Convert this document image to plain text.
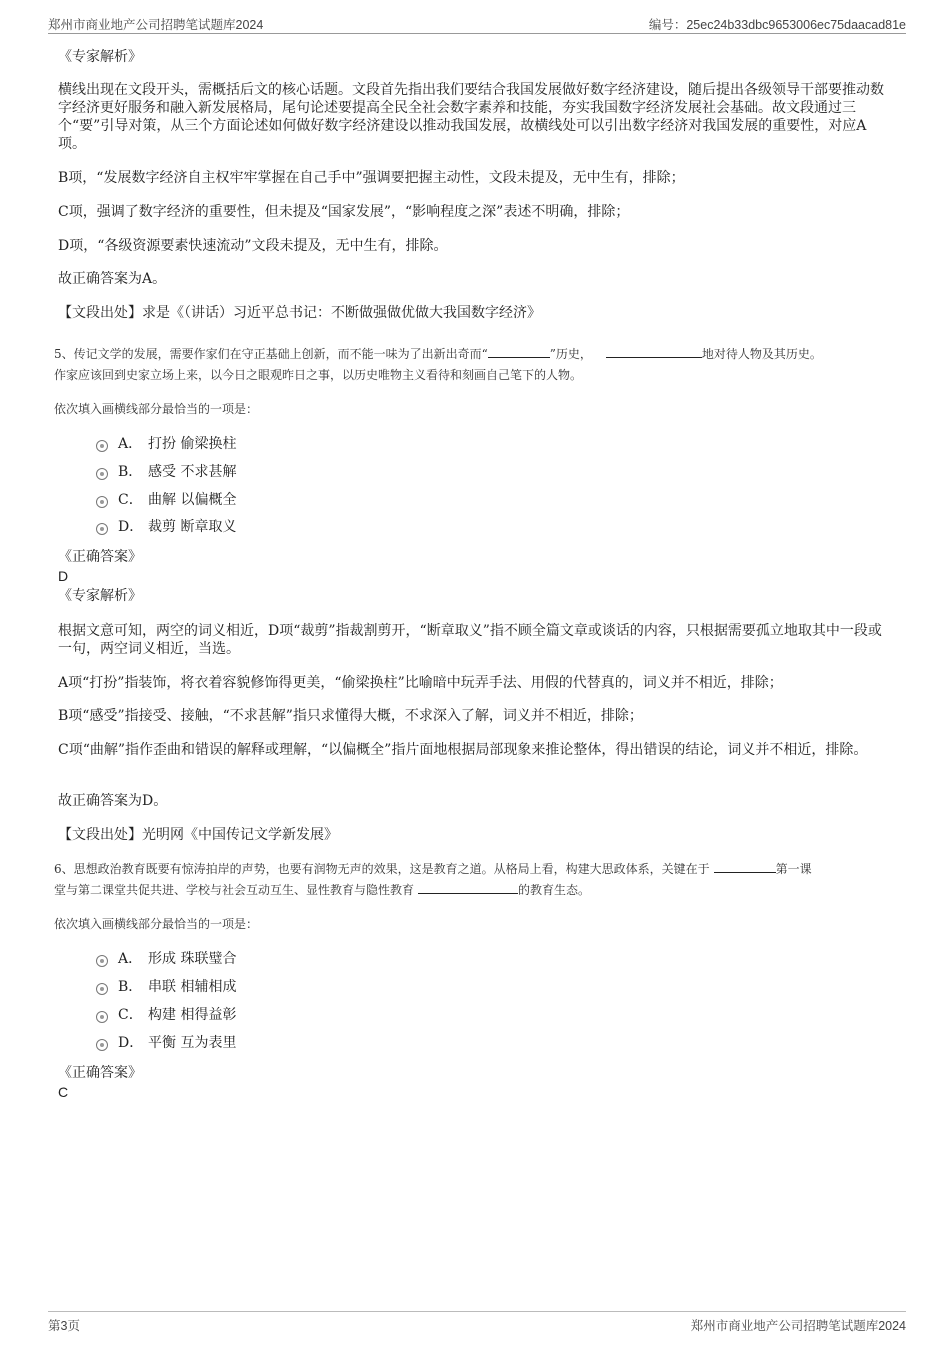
郑州市商业地产公司招聘笔试题库2024	编号：25ec24b33dbc9653006ec75daacad81e
《专家解析》

横线出现在文段开头，需概括后文的核心话题。文段首先指出我们要结合我国发展做好数字经济建设，随后提出各级领导干部要推动数字经济更好服务和融入新发展格局，尾句论述要提高全民全社会数字素养和技能，夯实我国数字经济发展社会基础。故文段通过三个“要”引导对策，从三个方面论述如何做好数字经济建设以推动我国发展，故横线处可以引出数字经济对我国发展的重要性，对应A项。

B项，“发展数字经济自主权牢牢掌握在自己手中”强调要把握主动性，文段未提及，无中生有，排除；

C项，强调了数字经济的重要性，但未提及“国家发展”，“影响程度之深”表述不明确，排除；

D项，“各级资源要素快速流动”文段未提及，无中生有，排除。

故正确答案为A。

【文段出处】求是《（讲话）习近平总书记：不断做强做优做大我国数字经济》

5、传记文学的发展，需要作家们在守正基础上创新，而不能一味为了出新出奇而“	”历史，	地对待人物及其历史。
作家应该回到史家立场上来，以今日之眼观昨日之事，以历史唯物主义看待和刻画自己笔下的人物。
依次填入画横线部分最恰当的一项是：
A． 打扮 偷梁换柱
B． 感受 不求甚解
C． 曲解 以偏概全
D． 裁剪 断章取义
《正确答案》
D
《专家解析》

根据文意可知，两空的词义相近，D项“裁剪”指裁割剪开，“断章取义”指不顾全篇文章或谈话的内容，只根据需要孤立地取其中一段或一句，两空词义相近，当选。

A项“打扮”指装饰，将衣着容貌修饰得更美，“偷梁换柱”比喻暗中玩弄手法、用假的代替真的，词义并不相近，排除；

B项“感受”指接受、接触，“不求甚解”指只求懂得大概，不求深入了解，词义并不相近，排除；

C项“曲解”指作歪曲和错误的解释或理解，“以偏概全”指片面地根据局部现象来推论整体，得出错误的结论，词义并不相近，排除。

故正确答案为D。

【文段出处】光明网《中国传记文学新发展》

6、思想政治教育既要有惊涛拍岸的声势，也要有润物无声的效果，这是教育之道。从格局上看，构建大思政体系，关键在于	第一课
堂与第二课堂共促共进、学校与社会互动互生、显性教育与隐性教育	的教育生态。
依次填入画横线部分最恰当的一项是：
A． 形成 珠联璧合
B． 串联 相辅相成
C． 构建 相得益彰
D． 平衡 互为表里
《正确答案》
C
第3页	郑州市商业地产公司招聘笔试题库2024
